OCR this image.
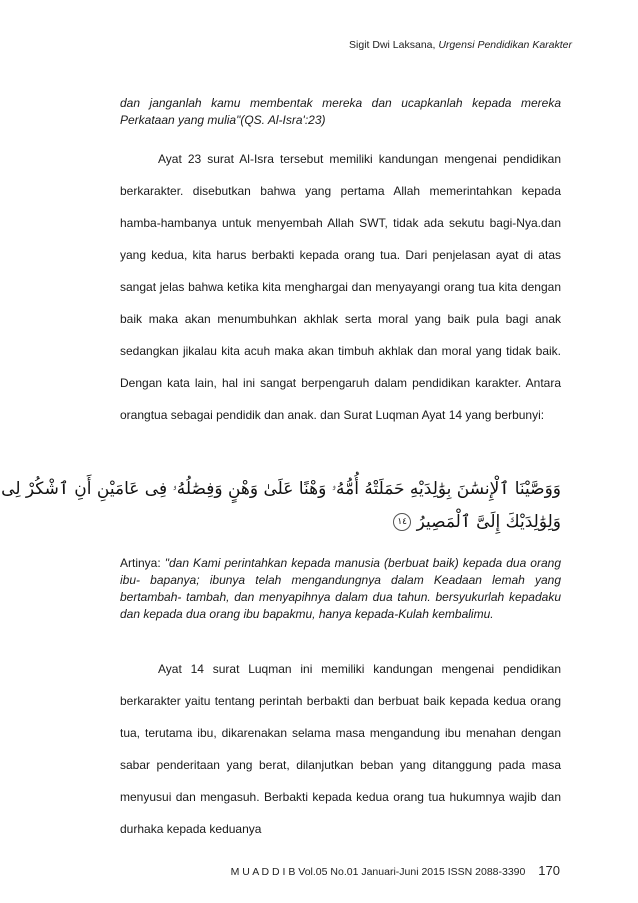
Sigit Dwi Laksana, Urgensi Pendidikan Karakter
dan janganlah kamu membentak mereka dan ucapkanlah kepada mereka Perkataan yang mulia"(QS. Al-Isra':23)

Ayat 23 surat Al-Isra tersebut memiliki kandungan mengenai pendidikan berkarakter. disebutkan bahwa yang pertama Allah memerintahkan kepada hamba-hambanya untuk menyembah Allah SWT, tidak ada sekutu bagi-Nya.dan yang kedua, kita harus berbakti kepada orang tua. Dari penjelasan ayat di atas sangat jelas bahwa ketika kita menghargai dan menyayangi orang tua kita dengan baik maka akan menumbuhkan akhlak serta moral yang baik pula bagi anak sedangkan jikalau kita acuh maka akan timbuh akhlak dan moral yang tidak baik. Dengan kata lain, hal ini sangat berpengaruh dalam pendidikan karakter. Antara orangtua sebagai pendidik dan anak. dan Surat Luqman Ayat 14 yang berbunyi:

وَوَصَّيْنَا ٱلْإِنسَٰنَ بِوَٰلِدَيْهِ حَمَلَتْهُ أُمُّهُۥ وَهْنًا عَلَىٰ وَهْنٍ وَفِصَٰلُهُۥ فِى عَامَيْنِ أَنِ ٱشْكُرْ لِى
وَلِوَٰلِدَيْكَ إِلَىَّ ٱلْمَصِيرُ ١٤
Artinya: "dan Kami perintahkan kepada manusia (berbuat baik) kepada dua orang ibu- bapanya; ibunya telah mengandungnya dalam Keadaan lemah yang bertambah- tambah, dan menyapihnya dalam dua tahun. bersyukurlah kepadaku dan kepada dua orang ibu bapakmu, hanya kepada-Kulah kembalimu.

Ayat 14 surat Luqman ini memiliki kandungan mengenai pendidikan berkarakter yaitu tentang perintah berbakti dan berbuat baik kepada kedua orang tua, terutama ibu, dikarenakan selama masa mengandung ibu menahan dengan sabar penderitaan yang berat, dilanjutkan beban yang ditanggung pada masa menyusui dan mengasuh. Berbakti kepada kedua orang tua hukumnya wajib dan durhaka kepada keduanya

M U A D D I B Vol.05 No.01 Januari-Juni 2015 ISSN 2088-3390 170
